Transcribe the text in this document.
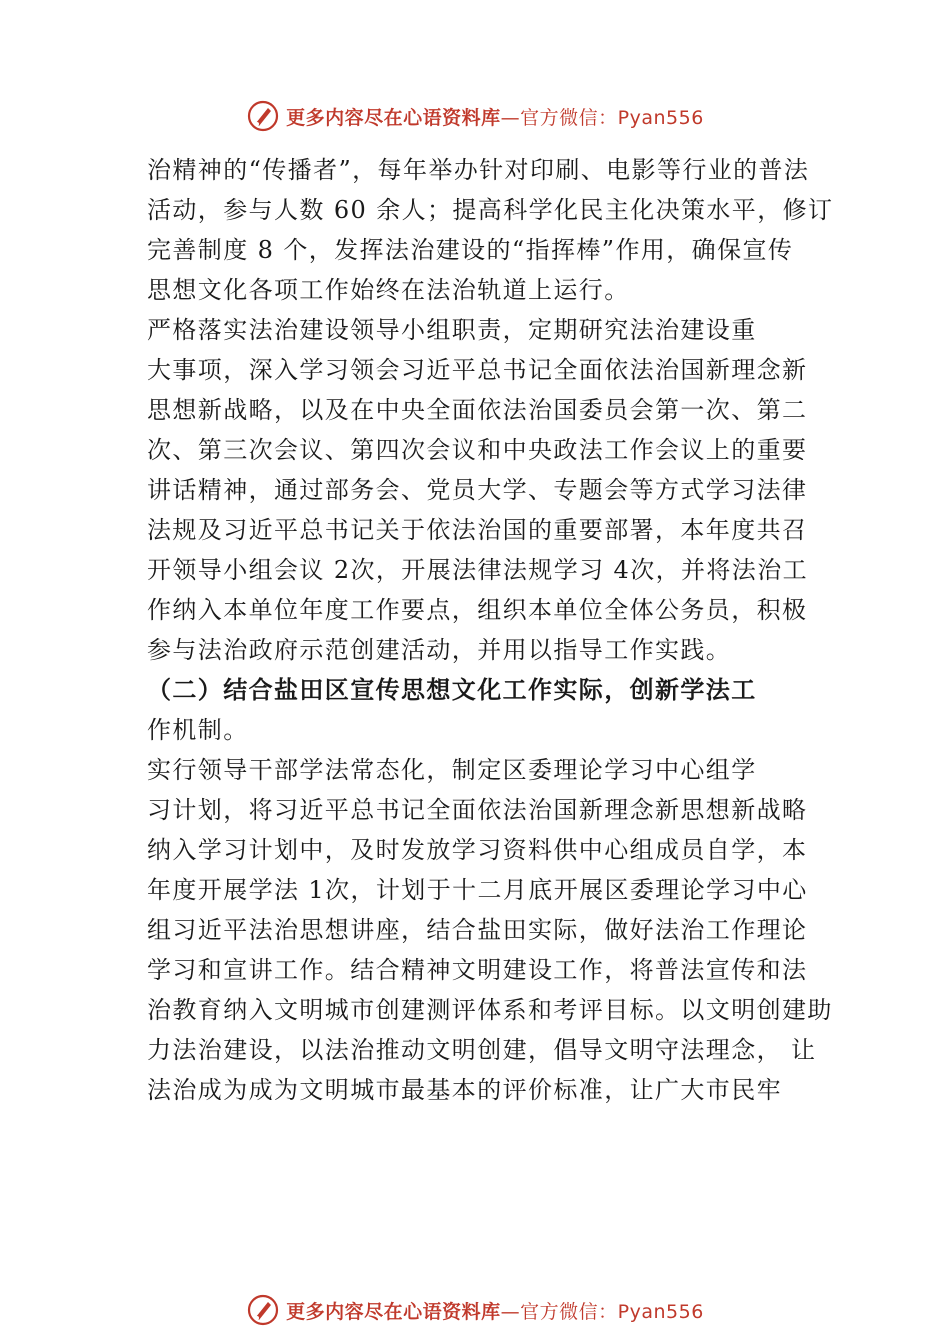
更多内容尽在心语资料库—官方微信：Pyan556
治精神的“传播者”，每年举办针对印刷、电影等行业的普法
活动，参与人数 60 余人；提高科学化民主化决策水平，修订
完善制度 8 个，发挥法治建设的“指挥棒”作用，确保宣传
思想文化各项工作始终在法治轨道上运行。
严格落实法治建设领导小组职责，定期研究法治建设重
大事项，深入学习领会习近平总书记全面依法治国新理念新
思想新战略，以及在中央全面依法治国委员会第一次、第二
次、第三次会议、第四次会议和中央政法工作会议上的重要
讲话精神，通过部务会、党员大学、专题会等方式学习法律
法规及习近平总书记关于依法治国的重要部署，本年度共召
开领导小组会议 2次，开展法律法规学习 4次，并将法治工
作纳入本单位年度工作要点，组织本单位全体公务员，积极
参与法治政府示范创建活动，并用以指导工作实践。
（二）结合盐田区宣传思想文化工作实际，创新学法工
作机制。
实行领导干部学法常态化，制定区委理论学习中心组学
习计划，将习近平总书记全面依法治国新理念新思想新战略
纳入学习计划中，及时发放学习资料供中心组成员自学，本
年度开展学法 1次，计划于十二月底开展区委理论学习中心
组习近平法治思想讲座，结合盐田实际，做好法治工作理论
学习和宣讲工作。结合精神文明建设工作，将普法宣传和法
治教育纳入文明城市创建测评体系和考评目标。以文明创建助
力法治建设，以法治推动文明创建，倡导文明守法理念， 让
法治成为成为文明城市最基本的评价标准，让广大市民牢
更多内容尽在心语资料库—官方微信：Pyan556
